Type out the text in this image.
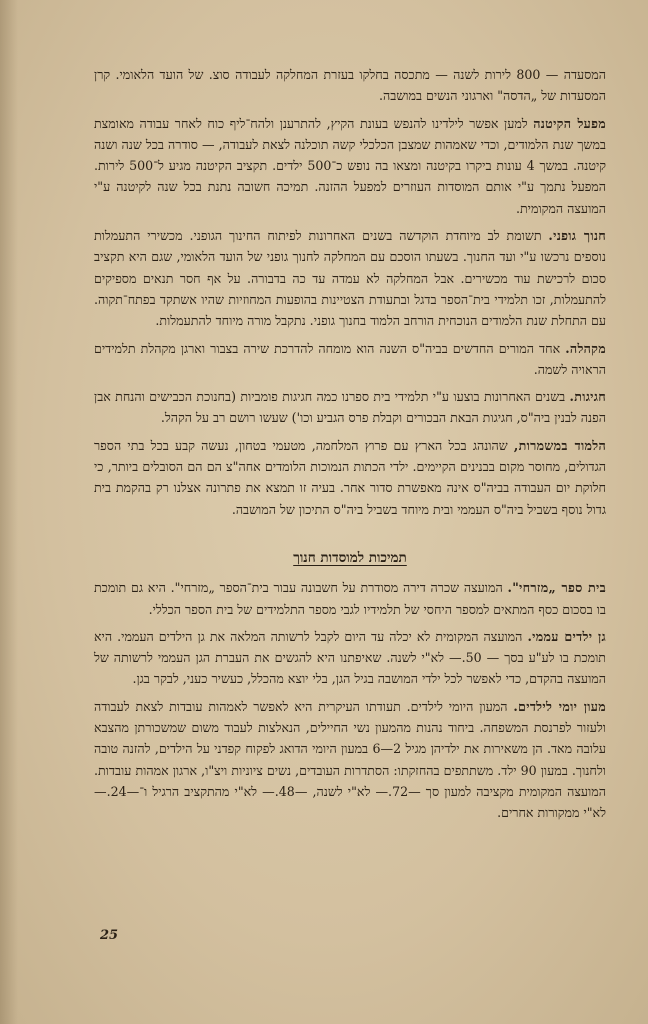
המסעדה — 800 לירות לשנה — מתכסה בחלקו בעזרת המחלקה לעבודה סוצ. של הועד הלאומי. קרן המסעדות של „הדסה" וארגוני הנשים במושבה.

מפעל הקיטנה למען אפשר לילדינו להנפש בעונת הקיץ, להתרענן ולהח־ליף כוח לאחר עבודה מאומצת במשך שנת הלמודים, וכדי שאמהות שמצבן הכלכלי קשה תוכלנה לצאת לעבודה, — סודרה בכל שנה ושנה קיטנה. במשך 4 עונות ביקרו בקיטנה ומצאו בה נופש כ־500 ילדים. תקציב הקיטנה מגיע ל־500 לירות. המפעל נתמך ע"י אותם המוסדות העוזרים למפעל ההזנה. תמיכה חשובה נתנת בכל שנה לקיטנה ע"י המועצה המקומית.

חנוך גופני. תשומת לב מיוחדת הוקדשה בשנים האחרונות לפיתוח החינוך הגופני. מכשירי התעמלות נוספים נרכשו ע"י ועד החנוך. בשעתו הוסכם עם המחלקה לחנוך גופני של הועד הלאומי, שגם היא תקציב סכום לרכישת עוד מכשירים. אבל המחלקה לא עמדה עד כה בדבורה. על אף חסר תנאים מספיקים להתעמלות, זכו תלמידי בית־הספר בדגל ובתעודת הצטיינות בהופעות המחוזיות שהיו אשתקד בפתח־תקוה. עם התחלת שנת הלמודים הנוכחית הורחב הלמוד בחנוך גופני. נתקבל מורה מיוחד להתעמלות.

מקהלה. אחד המורים החדשים בביה"ס השנה הוא מומחה להדרכת שירה בצבור וארגן מקהלת תלמידים הראויה לשמה.

חגיגות. בשנים האחרונות בוצעו ע"י תלמידי בית ספרנו כמה חגיגות פומביות (בחנוכת הכבישים והנחת אבן הפנה לבנין ביה"ס, חגיגות הבאת הבכורים וקבלת פרס הגביע וכו') שעשו רושם רב על הקהל.

הלמוד במשמרות, שהונהג בכל הארץ עם פרוץ המלחמה, מטעמי בטחון, נעשה קבע בכל בתי הספר הגדולים, מחוסר מקום בבנינים הקיימים. ילדי הכתות הנמוכות הלומדים אחה"צ הם הם הסובלים ביותר, כי חלוקת יום העבודה בביה"ס אינה מאפשרת סדור אחר. בעיה זו תמצא את פתרונה אצלנו רק בהקמת בית גדול נוסף בשביל ביה"ס העממי ובית מיוחד בשביל ביה"ס התיכון של המושבה.

תמיכות למוסדות חנוך

בית ספר „מזרחי". המועצה שכרה דירה מסודרת על חשבונה עבור בית־הספר „מזרחי". היא גם תומכת בו בסכום כסף המתאים למספר היחסי של תלמידיו לגבי מספר התלמידים של בית הספר הכללי.

גן ילדים עממי. המועצה המקומית לא יכלה עד היום לקבל לרשותה המלאה את גן הילדים העממי. היא תומכת בו לע"ע בסך — 50.— לא"י לשנה. שאיפתנו היא להגשים את העברת הגן העממי לרשותה של המועצה בהקדם, כדי לאפשר לכל ילדי המושבה בגיל הגן, בלי יוצא מהכלל, כעשיר כעני, לבקר בגן.

מעון יומי לילדים. המעון היומי לילדים. תעודתו העיקרית היא לאפשר לאמהות עובדות לצאת לעבודה ולעזור לפרנסת המשפחה. ביחוד נהנות מהמעון נשי החיילים, הנאלצות לעבוד משום שמשכורתן מהצבא עלובה מאד. הן משאירות את ילדיהן מגיל 2—6 במעון היומי הדואג לפקוח קפדני על הילדים, להזנה טובה ולחנוך. במעון 90 ילד. משתתפים בהחזקתו: הסתדרות העובדים, נשים ציוניות ויצ"ו, ארגון אמהות עובדות. המועצה המקומית מקציבה למעון סך —72.— לא"י לשנה, —48.— לא"י מהתקציב הרגיל ו־—24.— לא"י ממקורות אחרים.

25
